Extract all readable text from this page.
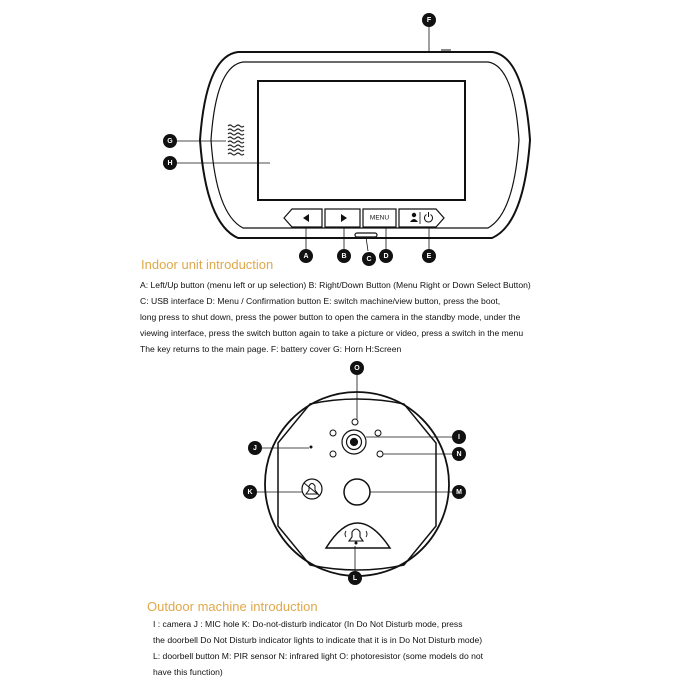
MENU
F
G
H
A	B	C D	E
O
I
N
J
K	M
L
Indoor unit introduction

A: Left/Up button (menu left or up selection) B: Right/Down Button (Menu Right or Down Select Button)

C: USB interface D: Menu / Confirmation button E: switch machine/view button, press the boot,

long press to shut down, press the power button to open the camera in the standby mode, under the

viewing interface, press the switch button again to take a picture or video, press a switch in the menu

The key returns to the main page. F: battery cover G: Horn H:Screen

Outdoor machine introduction

I : camera J : MIC hole K: Do-not-disturb indicator (In Do Not Disturb mode, press

the doorbell Do Not Disturb indicator lights to indicate that it is in Do Not Disturb mode)

L: doorbell button M: PIR sensor N: infrared light O: photoresistor (some models do not

have this function)
